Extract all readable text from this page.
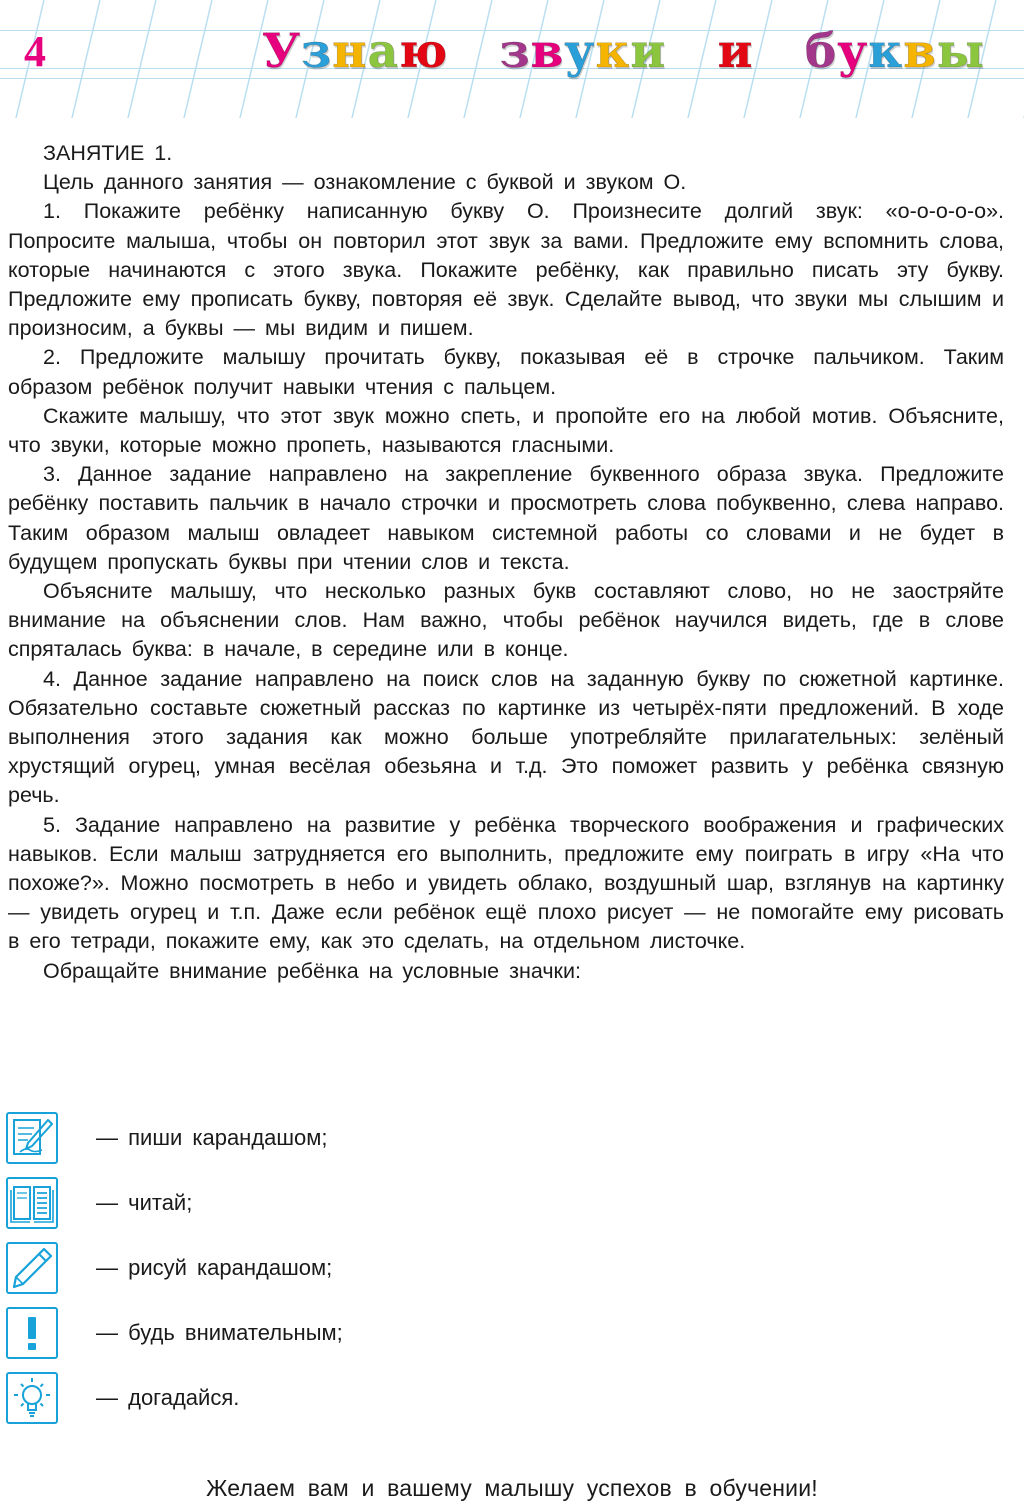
4	Узнаю звуки и буквы

ЗАНЯТИЕ 1.

Цель данного занятия — ознакомление с буквой и звуком О.

1. Покажите ребёнку написанную букву О. Произнесите долгий звук: «о-о-о-о-о». Попросите малыша, чтобы он повторил этот звук за вами. Предложите ему вспомнить слова, которые начинаются с этого звука. Покажите ребёнку, как правильно писать эту букву. Предложите ему прописать букву, повторяя её звук. Сделайте вывод, что звуки мы слышим и произносим, а буквы — мы видим и пишем.

2. Предложите малышу прочитать букву, показывая её в строчке пальчиком. Таким образом ребёнок получит навыки чтения с пальцем.

Скажите малышу, что этот звук можно спеть, и пропойте его на любой мотив. Объясните, что звуки, которые можно пропеть, называются гласными.

3. Данное задание направлено на закрепление буквенного образа звука. Предложите ребёнку поставить пальчик в начало строчки и просмотреть слова побуквенно, слева направо. Таким образом малыш овладеет навыком системной работы со словами и не будет в будущем пропускать буквы при чтении слов и текста.

Объясните малышу, что несколько разных букв составляют слово, но не заостряйте внимание на объяснении слов. Нам важно, чтобы ребёнок научился видеть, где в слове спряталась буква: в начале, в середине или в конце.

4. Данное задание направлено на поиск слов на заданную букву по сюжетной картинке. Обязательно составьте сюжетный рассказ по картинке из четырёх-пяти предложений. В ходе выполнения этого задания как можно больше употребляйте прилагательных: зелёный хрустящий огурец, умная весёлая обезьяна и т.д. Это поможет развить у ребёнка связную речь.

5. Задание направлено на развитие у ребёнка творческого воображения и графических навыков. Если малыш затрудняется его выполнить, предложите ему поиграть в игру «На что похоже?». Можно посмотреть в небо и увидеть облако, воздушный шар, взглянув на картинку — увидеть огурец и т.п. Даже если ребёнок ещё плохо рисует — не помогайте ему рисовать в его тетради, покажите ему, как это сделать, на отдельном листочке.

Обращайте внимание ребёнка на условные значки:

— пиши карандашом;
— читай;
— рисуй карандашом;
— будь внимательным;
— догадайся.
Желаем вам и вашему малышу успехов в обучении!
